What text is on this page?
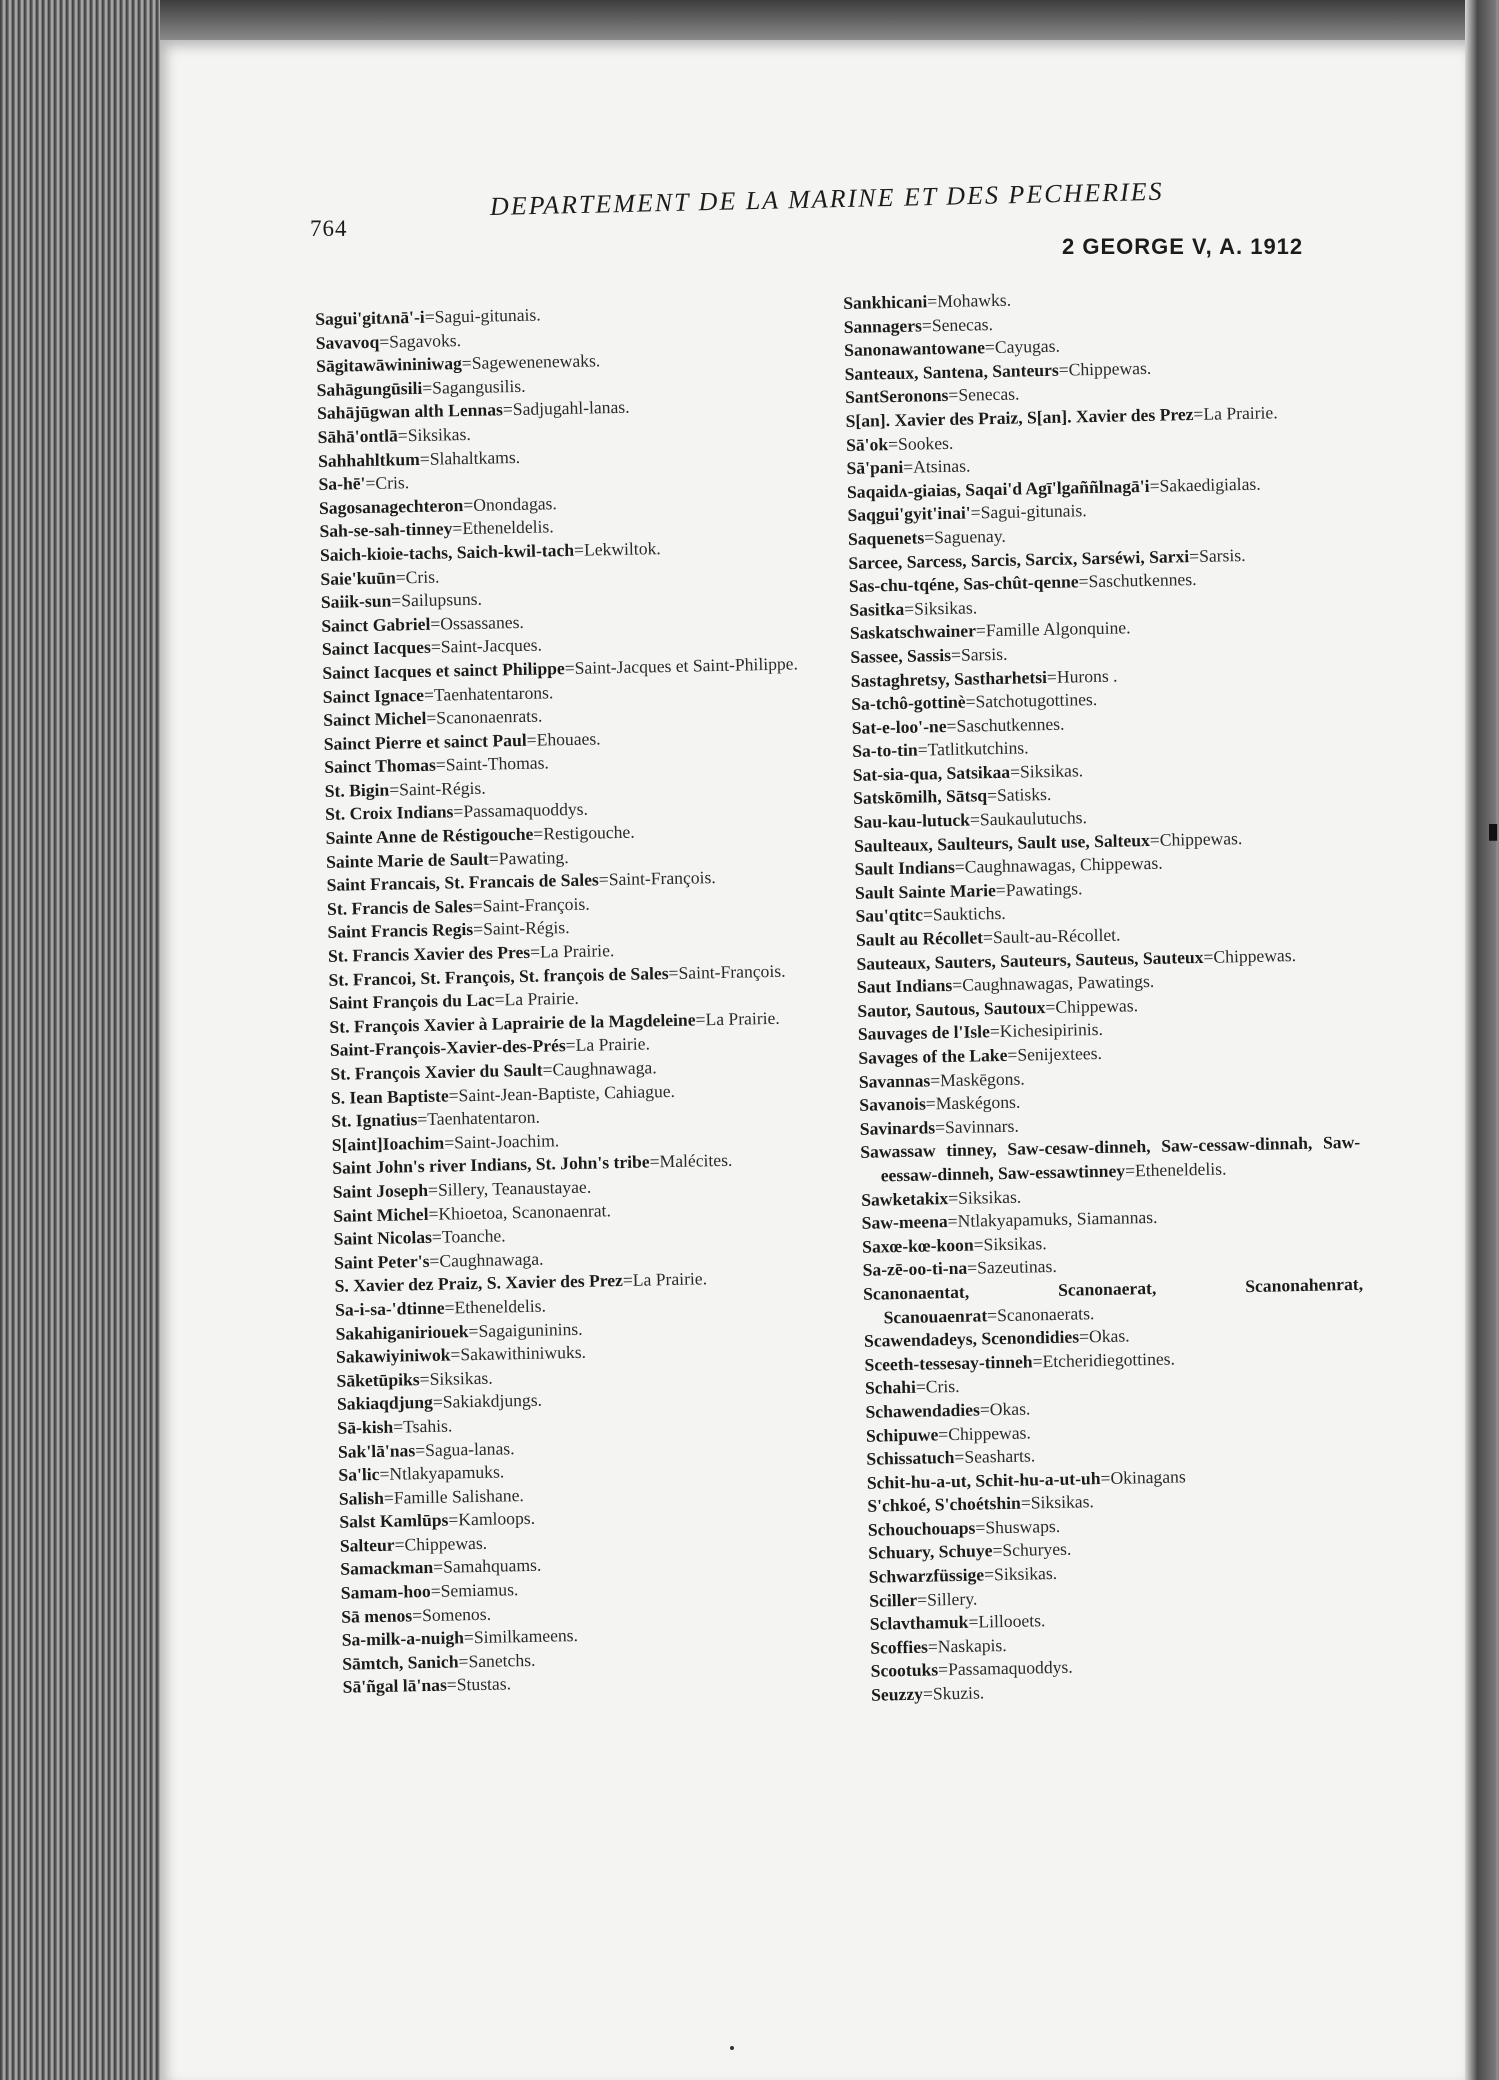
764
DEPARTEMENT DE LA MARINE ET DES PECHERIES
2 GEORGE V, A. 1912
Sagui'gitʌnā'-i=Sagui-gitunais.
Savavoq=Sagavoks.
Sāgitawāwininiwag=Sagewenenewaks.
Sahāgungūsili=Sagangusilis.
Sahājūgwan alth Lennas=Sadjugahl-lanas.
Sāhā'ontlā=Siksikas.
Sahhahltkum=Slahaltkams.
Sa-hē'=Cris.
Sagosanagechteron=Onondagas.
Sah-se-sah-tinney=Etheneldelis.
Saich-kioie-tachs, Saich-kwil-tach=Lekwiltok.
Saie'kuūn=Cris.
Saiik-sun=Sailupsuns.
Sainct Gabriel=Ossassanes.
Sainct Iacques=Saint-Jacques.
Sainct Iacques et sainct Philippe=Saint-Jacques et Saint-Philippe.
Sainct Ignace=Taenhatentarons.
Sainct Michel=Scanonaenrats.
Sainct Pierre et sainct Paul=Ehouaes.
Sainct Thomas=Saint-Thomas.
St. Bigin=Saint-Régis.
St. Croix Indians=Passamaquoddys.
Sainte Anne de Réstigouche=Restigouche.
Sainte Marie de Sault=Pawating.
Saint Francais, St. Francais de Sales=Saint-François.
St. Francis de Sales=Saint-François.
Saint Francis Regis=Saint-Régis.
St. Francis Xavier des Pres=La Prairie.
St. Francoi, St. François, St. françois de Sales=Saint-François.
Saint François du Lac=La Prairie.
St. François Xavier à Laprairie de la Magdeleine=La Prairie.
Saint-François-Xavier-des-Prés=La Prairie.
St. François Xavier du Sault=Caughnawaga.
S. Iean Baptiste=Saint-Jean-Baptiste, Cahiague.
St. Ignatius=Taenhatentaron.
S[aint]Ioachim=Saint-Joachim.
Saint John's river Indians, St. John's tribe=Malécites.
Saint Joseph=Sillery, Teanaustayae.
Saint Michel=Khioetoa, Scanonaenrat.
Saint Nicolas=Toanche.
Saint Peter's=Caughnawaga.
S. Xavier dez Praiz, S. Xavier des Prez=La Prairie.
Sa-i-sa-'dtinne=Etheneldelis.
Sakahiganiriouek=Sagaiguninins.
Sakawiyiniwok=Sakawithiniwuks.
Sāketūpiks=Siksikas.
Sakiaqdjung=Sakiakdjungs.
Sā-kish=Tsahis.
Sak'lā'nas=Sagua-lanas.
Sa'lic=Ntlakyapamuks.
Salish=Famille Salishane.
Salst Kamlūps=Kamloops.
Salteur=Chippewas.
Samackman=Samahquams.
Samam-hoo=Semiamus.
Sā menos=Somenos.
Sa-milk-a-nuigh=Similkameens.
Sāmtch, Sanich=Sanetchs.
Sā'ñgal lā'nas=Stustas.
Sankhicani=Mohawks.
Sannagers=Senecas.
Sanonawantowane=Cayugas.
Santeaux, Santena, Santeurs=Chippewas.
SantSeronons=Senecas.
S[an]. Xavier des Praiz, S[an]. Xavier des Prez=La Prairie.
Sā'ok=Sookes.
Sā'pani=Atsinas.
Saqaidʌ-giaias, Saqai'd Agī'lgaññlnagā'i=Sakaedigialas.
Saqgui'gyit'inai'=Sagui-gitunais.
Saquenets=Saguenay.
Sarcee, Sarcess, Sarcis, Sarcix, Sarséwi, Sarxi=Sarsis.
Sas-chu-tqéne, Sas-chût-qenne=Saschutkennes.
Sasitka=Siksikas.
Saskatschwainer=Famille Algonquine.
Sassee, Sassis=Sarsis.
Sastaghretsy, Sastharhetsi=Hurons .
Sa-tchô-gottinè=Satchotugottines.
Sat-e-loo'-ne=Saschutkennes.
Sa-to-tin=Tatlitkutchins.
Sat-sia-qua, Satsikaa=Siksikas.
Satskōmilh, Sātsq=Satisks.
Sau-kau-lutuck=Saukaulutuchs.
Saulteaux, Saulteurs, Sault use, Salteux=Chippewas.
Sault Indians=Caughnawagas, Chippewas.
Sault Sainte Marie=Pawatings.
Sau'qtitc=Sauktichs.
Sault au Récollet=Sault-au-Récollet.
Sauteaux, Sauters, Sauteurs, Sauteus, Sauteux=Chippewas.
Saut Indians=Caughnawagas, Pawatings.
Sautor, Sautous, Sautoux=Chippewas.
Sauvages de l'Isle=Kichesipirinis.
Savages of the Lake=Senijextees.
Savannas=Maskēgons.
Savanois=Maskégons.
Savinards=Savinnars.
Sawassaw tinney, Saw-cesaw-dinneh, Saw-cessaw-dinnah, Saw-eessaw-dinneh, Saw-essawtinney=Etheneldelis.
Sawketakix=Siksikas.
Saw-meena=Ntlakyapamuks, Siamannas.
Saxœ-kœ-koon=Siksikas.
Sa-zē-oo-ti-na=Sazeutinas.
Scanonaentat, Scanonaerat, Scanonahenrat, Scanouaenrat=Scanonaerats.
Scawendadeys, Scenondidies=Okas.
Sceeth-tessesay-tinneh=Etcheridiegottines.
Schahi=Cris.
Schawendadies=Okas.
Schipuwe=Chippewas.
Schissatuch=Seasharts.
Schit-hu-a-ut, Schit-hu-a-ut-uh=Okinagans
S'chkoé, S'choétshin=Siksikas.
Schouchouaps=Shuswaps.
Schuary, Schuye=Schuryes.
Schwarzfüssige=Siksikas.
Sciller=Sillery.
Sclavthamuk=Lillooets.
Scoffies=Naskapis.
Scootuks=Passamaquoddys.
Seuzzy=Skuzis.
▮
